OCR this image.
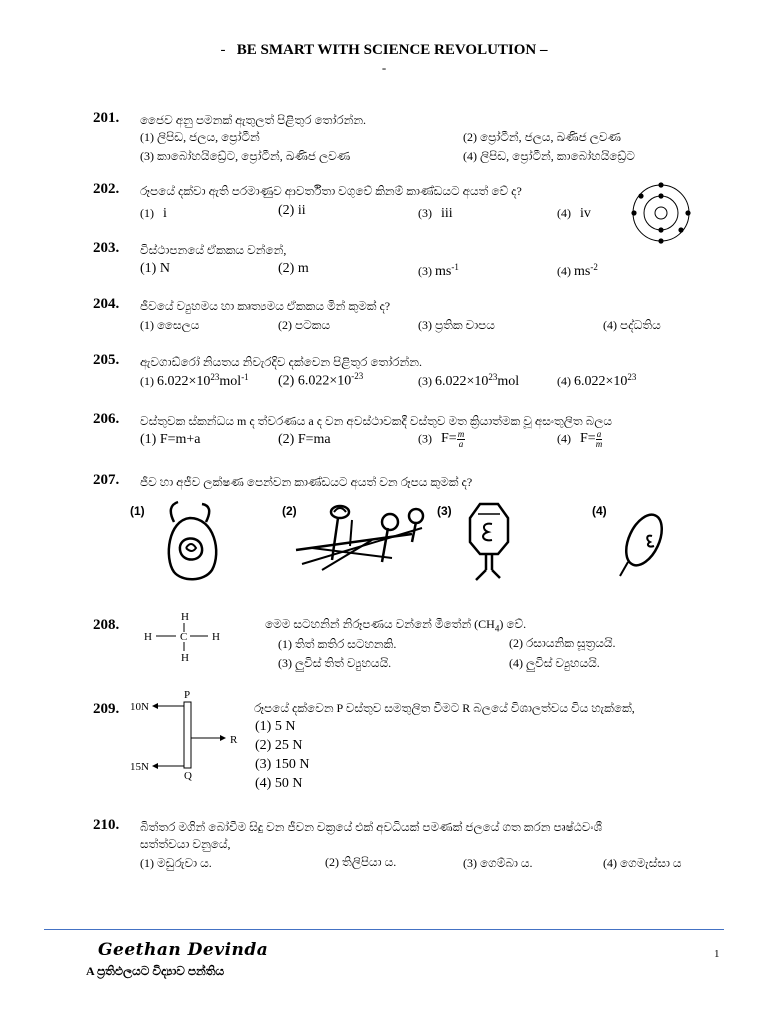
- BE SMART WITH SCIENCE REVOLUTION –
-
201. ජෛව අනු පමනක් ඇතුලත් පිළිතුර තෝරන්න.
(1) ලිපිඩ, ජලය, ප්‍රෝටීන්	(2) ප්‍රෝටීන්, ජලය, ඛණිජ ලවණ
(3) කාබෝහයිඩ්‍රේට, ප්‍රෝටීන්, ඛණිජ ලවණ	(4) ලිපිඩ, ප්‍රෝටීන්, කාබෝහයිඩ්‍රේට
202. රූපයේ දක්වා ඇති පරමාණුව ආවර්තිතා වගුවේ කිනම් කාණ්ඩයට අයත් වේ ද?
(1) i	(2) ii	(3) iii	(4) iv
203. විස්ථාපනයේ ඒකකය වන්නේ,
(1) N	(2) m	(3) $ms^{-1}$	(4) $ms^{-2}$
204. ජීවයේ ව්‍යුහමය හා කෘත්‍යමය ඒකකය මින් කුමක් ද?
(1) සෛලය	(2) පටකය	(3) ප්‍රතික චාපය	(4) පද්ධතිය
205. ඇවගාඩ්රෝ නියතය නිවැරදිව දක්වෙන පිළිතුර තෝරන්න.
(1) $6.022\times 10^{23}mol^{-1}$ (2) $6.022\times 10^{-23}$	(3) $6.022\times 10^{23}mol$	(4) $6.022\times 10^{23}$
206. වස්තුවක ස්කන්ධය m ද ත්වරණය a ද වන අවස්ථාවකදී වස්තුව මත ක්‍රියාත්මක වූ අසංතුලිත බලය
(1) F=m+a	(2) F=ma	(3) $F= \frac{m}{a}$	(4) $F= \frac{a}{m}$
207. ජීව හා අජීව ලක්ෂණ පෙන්වන කාණ්ඩයට අයත් වන රූපය කුමක් ද?
(1)	(2)	(3)	(4)
208.	H
H	C H
H
මෙම සටහනින් නිරූපණය වන්නේ මීතේන් $(CH_4)$ වේ.
(1) තිත් කතිර සටහනකි.	(2) රසායනික සූත්‍රයයි.
(3) ලුවිස් තිත් ව්‍යුහයයි.	(4) ලුවිස් ව්‍යුහයයි.
209.
P
Q
10N
15N
R
රූපයේ දක්වෙන P වස්තුව සමතුලිත වීමට R බලයේ විශාලත්වය විය හැක්කේ,
(1) 5 N
(2) 25 N
(3) 150 N
(4) 50 N
210. බිත්තර මගින් බෝවීම සිදු වන ජීවන චක්‍රයේ එක් අවධියක් පමණක් ජලයේ ගත කරන පෘෂ්ඨවංශී
සත්ත්වයා වනුයේ,
(1) මඩුරුවා ය.	(2) තිලිපියා ය.	(3) ගෙම්බා ය.	(4) ගෙමැස්සා ය
Geethan Devinda
A ප්‍රතිඵලයට විද්‍යාව පන්තිය
1
